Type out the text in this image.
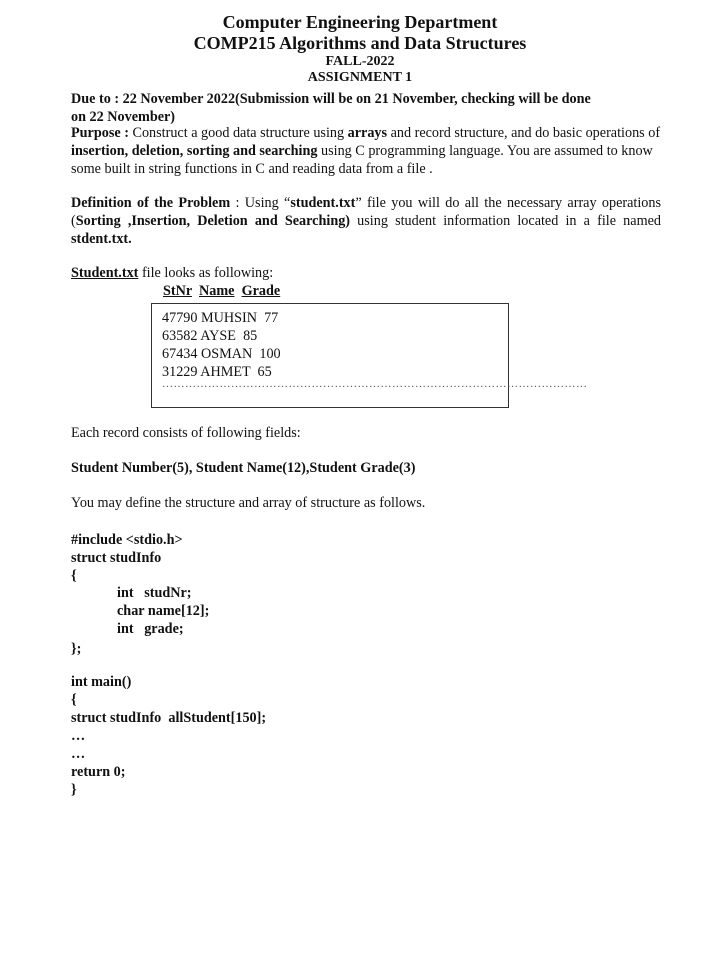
Computer Engineering Department
COMP215 Algorithms and Data Structures
FALL-2022
ASSIGNMENT 1
Due to : 22 November 2022(Submission will be on 21 November, checking will be done
on 22 November)
Purpose : Construct a good data structure using arrays and record structure, and do basic operations of insertion, deletion, sorting and searching using C programming language. You are assumed to know some built in string functions in C and reading data from a file .
Definition of the Problem : Using “student.txt” file you will do all the necessary array operations (Sorting ,Insertion, Deletion and Searching) using student information located in a file named stdent.txt.
Student.txt file looks as following:
StNr Name Grade
47790 MUHSIN  77
63582 AYSE  85
67434 OSMAN  100
31229 AHMET  65
…………………………………………………………………………………………………
Each record consists of following fields:
Student Number(5), Student Name(12),Student Grade(3)
You may define the structure and array of structure as follows.
#include <stdio.h>
struct studInfo
{
int   studNr;
char name[12];
int   grade;
};
int main()
{
struct studInfo  allStudent[150];
…
…
return 0;
}
